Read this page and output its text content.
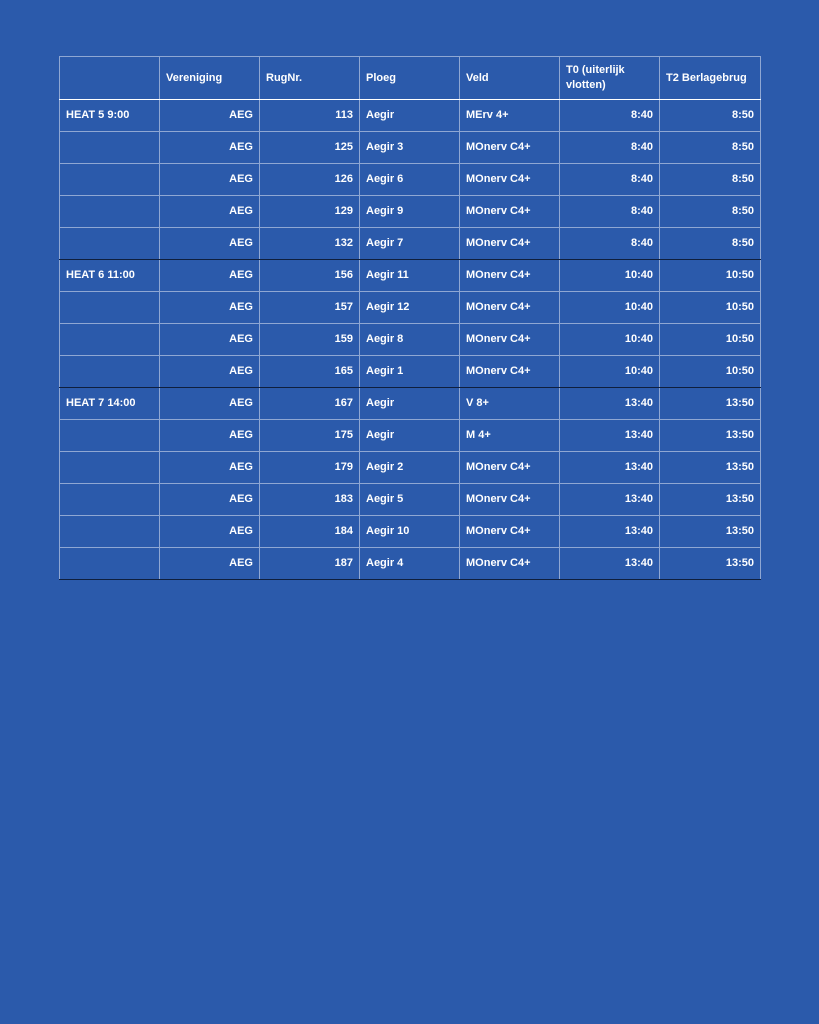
	Vereniging	RugNr.	Ploeg	Veld	T0 (uiterlijk vlotten)	T2 Berlagebrug
HEAT 5 9:00	AEG	113	Aegir	MErv 4+	8:40	8:50
	AEG	125	Aegir 3	MOnerv C4+	8:40	8:50
	AEG	126	Aegir 6	MOnerv C4+	8:40	8:50
	AEG	129	Aegir 9	MOnerv C4+	8:40	8:50
	AEG	132	Aegir 7	MOnerv C4+	8:40	8:50
HEAT 6 11:00	AEG	156	Aegir 11	MOnerv C4+	10:40	10:50
	AEG	157	Aegir 12	MOnerv C4+	10:40	10:50
	AEG	159	Aegir 8	MOnerv C4+	10:40	10:50
	AEG	165	Aegir 1	MOnerv C4+	10:40	10:50
HEAT 7 14:00	AEG	167	Aegir	V 8+	13:40	13:50
	AEG	175	Aegir	M 4+	13:40	13:50
	AEG	179	Aegir 2	MOnerv C4+	13:40	13:50
	AEG	183	Aegir 5	MOnerv C4+	13:40	13:50
	AEG	184	Aegir 10	MOnerv C4+	13:40	13:50
	AEG	187	Aegir 4	MOnerv C4+	13:40	13:50
